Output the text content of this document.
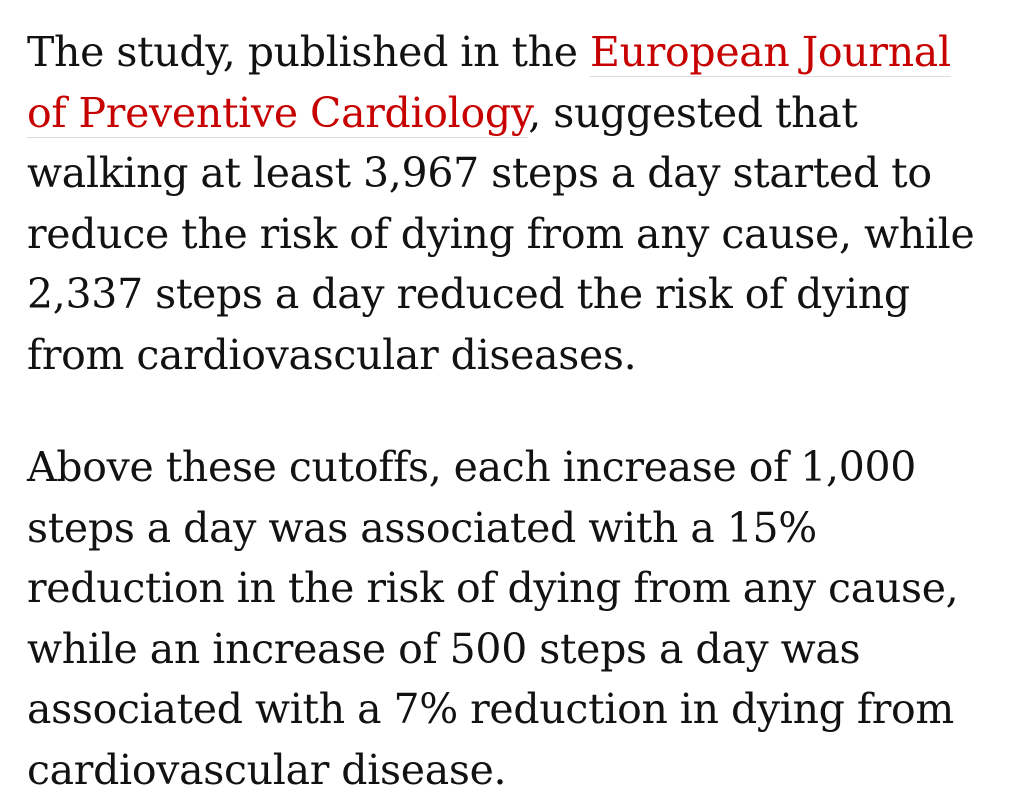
The study, published in the European Journal
of Preventive Cardiology, suggested that
walking at least 3,967 steps a day started to
reduce the risk of dying from any cause, while
2,337 steps a day reduced the risk of dying
from cardiovascular diseases.

Above these cutoffs, each increase of 1,000
steps a day was associated with a 15%
reduction in the risk of dying from any cause,
while an increase of 500 steps a day was
associated with a 7% reduction in dying from
cardiovascular disease.
